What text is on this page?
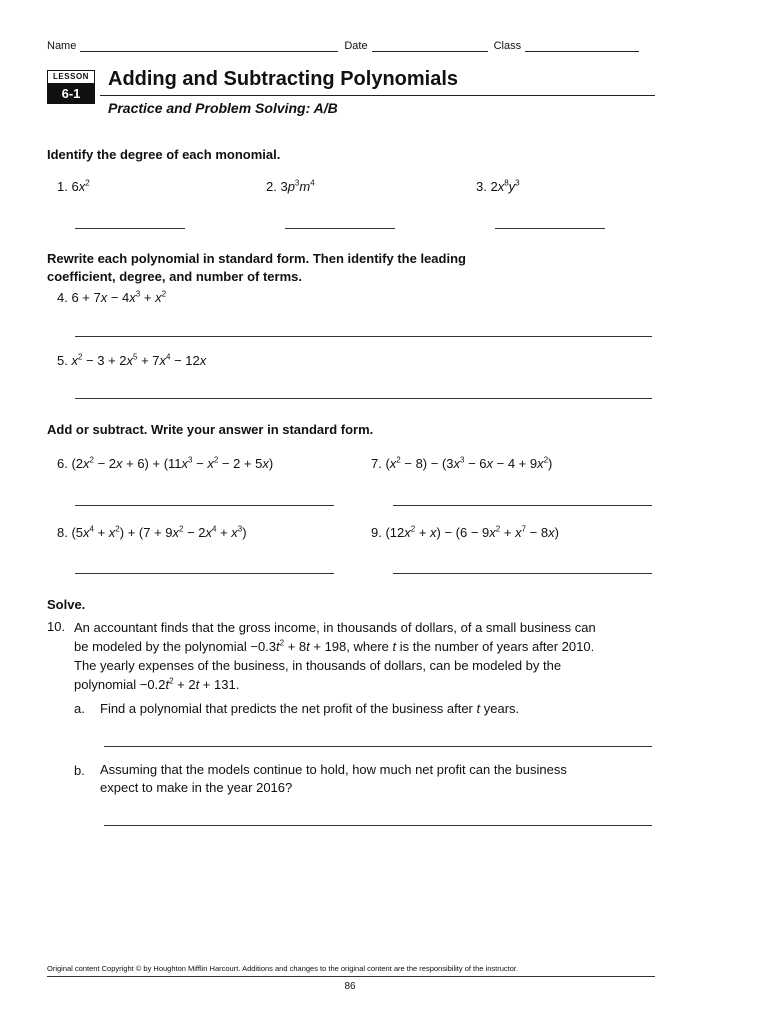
Name	Date	Class
LESSON
6-1
Adding and Subtracting Polynomials
Practice and Problem Solving: A/B
Identify the degree of each monomial.
1. $6x^2$	2. $3p^3m^4$	3. $2x^8y^3$
Rewrite each polynomial in standard form. Then identify the leading
coefficient, degree, and number of terms.
4. $6 + 7x - 4x^3 + x^2$
5. $x^2 - 3 + 2x^5 + 7x^4 - 12x$
Add or subtract. Write your answer in standard form.
6. $(2x^2 - 2x + 6) + (11x^3 - x^2 - 2 + 5x)$	7. $(x^2 - 8) - (3x^3 - 6x - 4 + 9x^2)$
8. $(5x^4 + x^2) + (7 + 9x^2 - 2x^4 + x^3)$	9. $(12x^2 + x) - (6 - 9x^2 + x^7 - 8x)$
Solve.
10. An accountant finds that the gross income, in thousands of dollars, of a small business can
be modeled by the polynomial $-0.3t^2 + 8t + 198$, where t is the number of years after 2010.
The yearly expenses of the business, in thousands of dollars, can be modeled by the
polynomial $-0.2t^2 + 2t + 131$.
a. Find a polynomial that predicts the net profit of the business after t years.
b. Assuming that the models continue to hold, how much net profit can the business
expect to make in the year 2016?
Original content Copyright © by Houghton Mifflin Harcourt. Additions and changes to the original content are the responsibility of the instructor.
86
